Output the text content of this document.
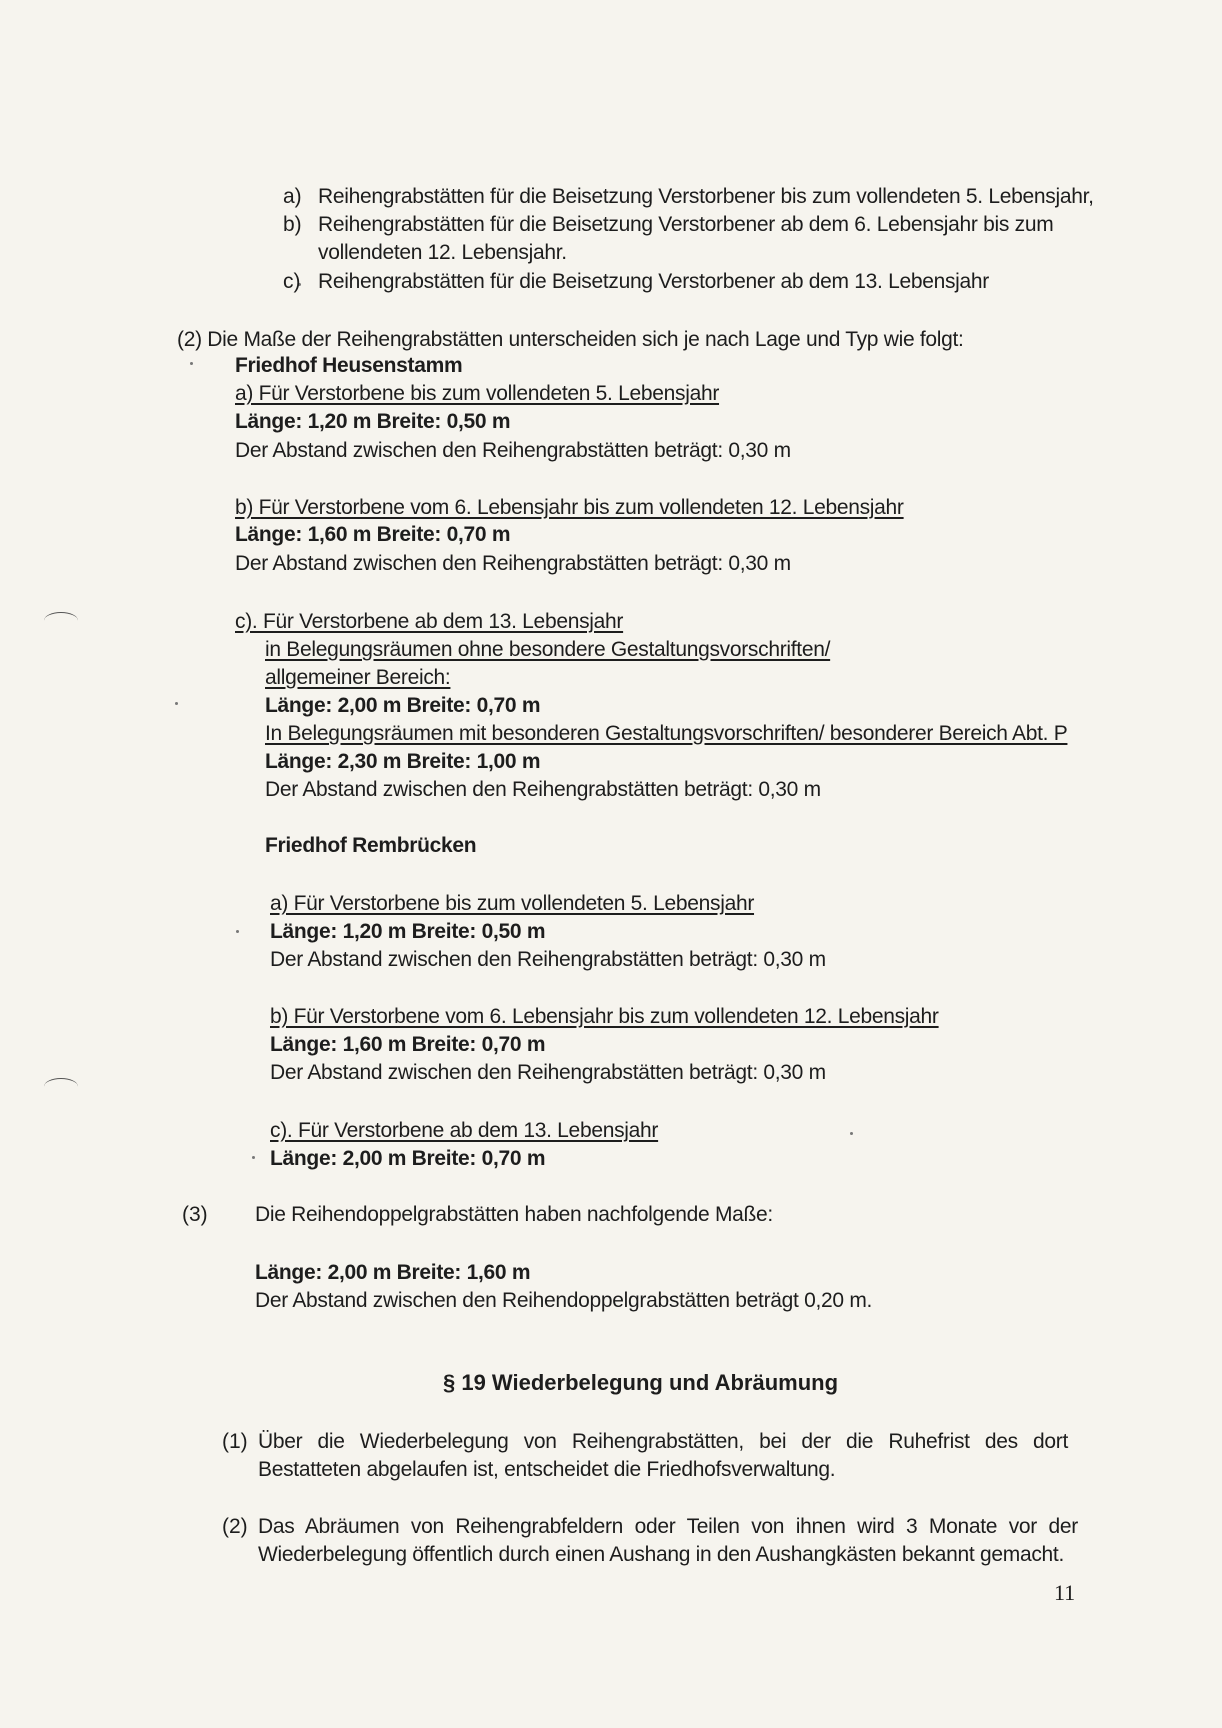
a) Reihengrabstätten für die Beisetzung Verstorbener bis zum vollendeten 5. Lebensjahr,
b) Reihengrabstätten für die Beisetzung Verstorbener ab dem 6. Lebensjahr bis zum
vollendeten 12. Lebensjahr.
c) Reihengrabstätten für die Beisetzung Verstorbener ab dem 13. Lebensjahr
(2) Die Maße der Reihengrabstätten unterscheiden sich je nach Lage und Typ wie folgt:
Friedhof Heusenstamm
a) Für Verstorbene bis zum vollendeten 5. Lebensjahr
Länge: 1,20 m Breite: 0,50 m
Der Abstand zwischen den Reihengrabstätten beträgt: 0,30 m
b) Für Verstorbene vom 6. Lebensjahr bis zum vollendeten 12. Lebensjahr
Länge: 1,60 m Breite: 0,70 m
Der Abstand zwischen den Reihengrabstätten beträgt: 0,30 m
c). Für Verstorbene ab dem 13. Lebensjahr
in Belegungsräumen ohne besondere Gestaltungsvorschriften/
allgemeiner Bereich:
Länge: 2,00 m Breite: 0,70 m
In Belegungsräumen mit besonderen Gestaltungsvorschriften/ besonderer Bereich Abt. P
Länge: 2,30 m Breite: 1,00 m
Der Abstand zwischen den Reihengrabstätten beträgt: 0,30 m
Friedhof Rembrücken
a) Für Verstorbene bis zum vollendeten 5. Lebensjahr
Länge: 1,20 m Breite: 0,50 m
Der Abstand zwischen den Reihengrabstätten beträgt: 0,30 m
b) Für Verstorbene vom 6. Lebensjahr bis zum vollendeten 12. Lebensjahr
Länge: 1,60 m Breite: 0,70 m
Der Abstand zwischen den Reihengrabstätten beträgt: 0,30 m
c). Für Verstorbene ab dem 13. Lebensjahr
Länge: 2,00 m Breite: 0,70 m
(3) Die Reihendoppelgrabstätten haben nachfolgende Maße:
Länge: 2,00 m Breite: 1,60 m
Der Abstand zwischen den Reihendoppelgrabstätten beträgt 0,20 m.
§ 19 Wiederbelegung und Abräumung
(1) Über die Wiederbelegung von Reihengrabstätten, bei der die Ruhefrist des dort Bestatteten abgelaufen ist, entscheidet die Friedhofsverwaltung.
(2) Das Abräumen von Reihengrabfeldern oder Teilen von ihnen wird 3 Monate vor der Wiederbelegung öffentlich durch einen Aushang in den Aushangkästen bekannt gemacht.
11
